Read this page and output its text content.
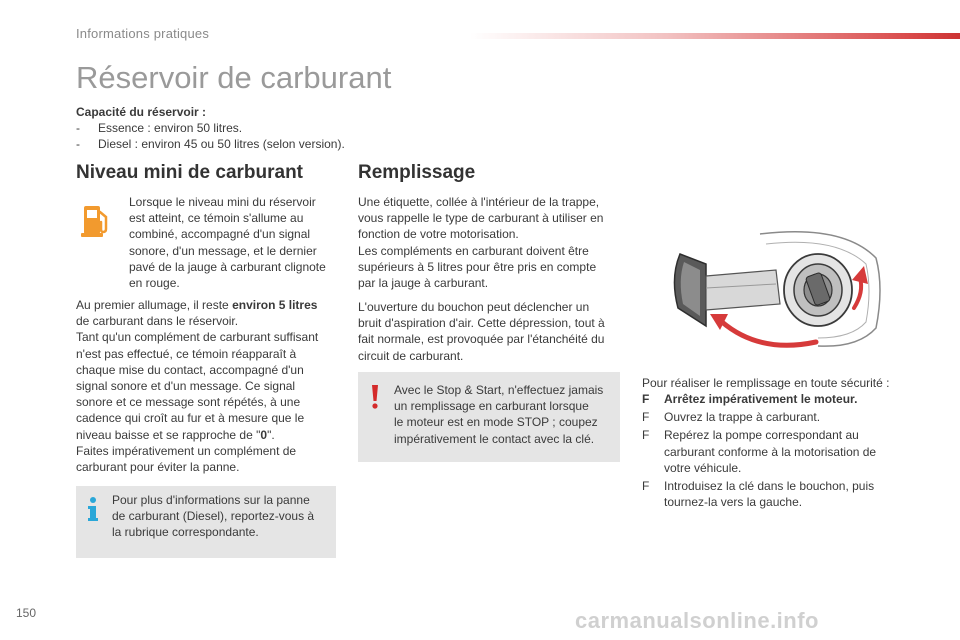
Informations pratiques
Réservoir de carburant
Capacité du réservoir :
- Essence : environ 50 litres.
- Diesel : environ 45 ou 50 litres (selon version).
Niveau mini de carburant
Lorsque le niveau mini du réservoir
est atteint, ce témoin s'allume au
combiné, accompagné d'un signal
sonore, d'un message, et le dernier
pavé de la jauge à carburant clignote
en rouge.
Au premier allumage, il reste environ 5 litres
de carburant dans le réservoir.
Tant qu'un complément de carburant suffisant
n'est pas effectué, ce témoin réapparaît à
chaque mise du contact, accompagné d'un
signal sonore et d'un message. Ce signal
sonore et ce message sont répétés, à une
cadence qui croît au fur et à mesure que le
niveau baisse et se rapproche de "0".
Faites impérativement un complément de
carburant pour éviter la panne.
Pour plus d'informations sur la panne
de carburant (Diesel), reportez-vous à
la rubrique correspondante.
Remplissage
Une étiquette, collée à l'intérieur de la trappe,
vous rappelle le type de carburant à utiliser en
fonction de votre motorisation.
Les compléments en carburant doivent être
supérieurs à 5 litres pour être pris en compte
par la jauge à carburant.
L'ouverture du bouchon peut déclencher un
bruit d'aspiration d'air. Cette dépression, tout à
fait normale, est provoquée par l'étanchéité du
circuit de carburant.
Avec le Stop & Start, n'effectuez jamais
un remplissage en carburant lorsque
le moteur est en mode STOP ; coupez
impérativement le contact avec la clé.
Pour réaliser le remplissage en toute sécurité :
F Arrêtez impérativement le moteur.
F Ouvrez la trappe à carburant.
F Repérez la pompe correspondant au carburant conforme à la motorisation de votre véhicule.
F Introduisez la clé dans le bouchon, puis tournez-la vers la gauche.
150	carmanualsonline.info
